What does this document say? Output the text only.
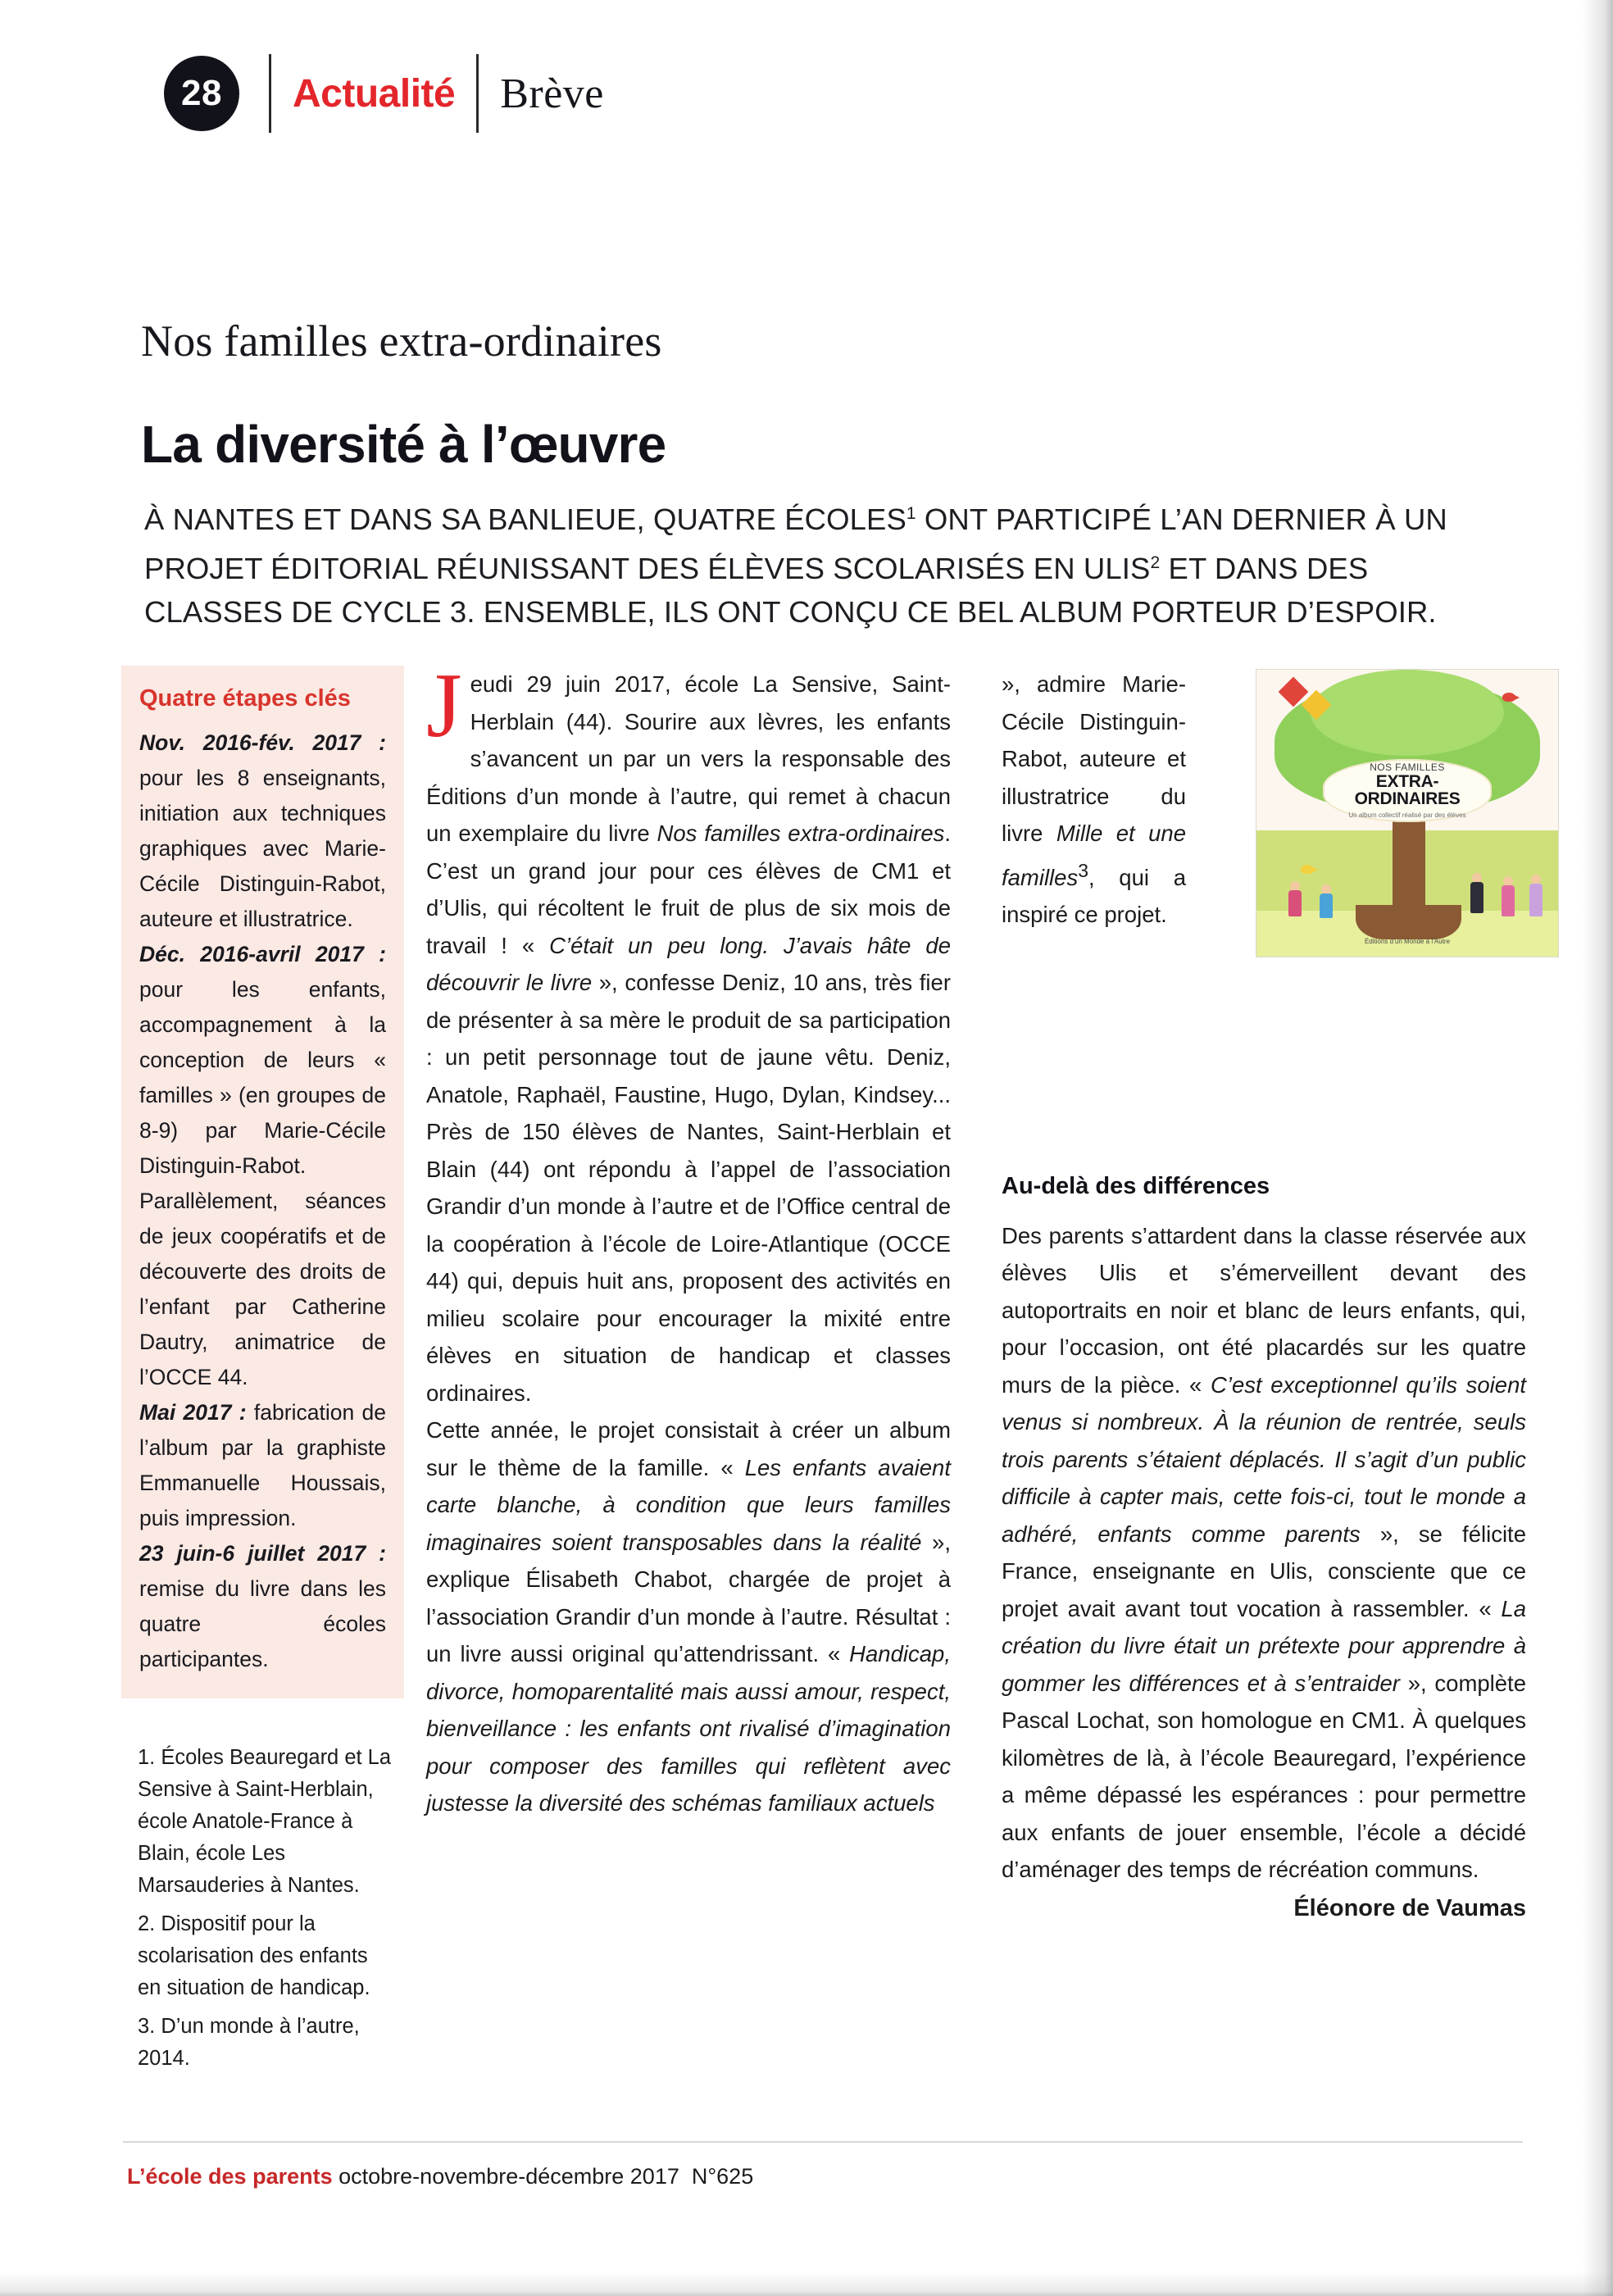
28	Actualité Brève
Nos familles extra-ordinaires
La diversité à l’œuvre
À NANTES ET DANS SA BANLIEUE, QUATRE ÉCOLES$^1$ ONT PARTICIPÉ L’AN DERNIER À UN PROJET ÉDITORIAL RÉUNISSANT DES ÉLÈVES SCOLARISÉS EN ULIS$^2$ ET DANS DES CLASSES DE CYCLE 3. ENSEMBLE, ILS ONT CONÇU CE BEL ALBUM PORTEUR D’ESPOIR.
Quatre étapes clés

Nov. 2016-fév. 2017 : pour les 8 enseignants, initiation aux techniques graphiques avec Marie-Cécile Distinguin-Rabot, auteure et illustratrice.

Déc. 2016-avril 2017 : pour les enfants, accompagnement à la conception de leurs « familles » (en groupes de 8-9) par Marie-Cécile Distinguin-Rabot. Parallèlement, séances de jeux coopératifs et de découverte des droits de l’enfant par Catherine Dautry, animatrice de l’OCCE 44.

Mai 2017 : fabrication de l’album par la graphiste Emmanuelle Houssais, puis impression.

23 juin-6 juillet 2017 : remise du livre dans les quatre écoles participantes.

1. Écoles Beauregard et La Sensive à Saint-Herblain, école Anatole-France à Blain, école Les Marsauderies à Nantes.

2. Dispositif pour la scolarisation des enfants en situation de handicap.

3. D’un monde à l’autre, 2014.

Jeudi 29 juin 2017, école La Sensive, Saint-Herblain (44). Sourire aux lèvres, les enfants s’avancent un par un vers la responsable des Éditions d’un monde à l’autre, qui remet à chacun un exemplaire du livre Nos familles extra-ordinaires. C’est un grand jour pour ces élèves de CM1 et d’Ulis, qui récoltent le fruit de plus de six mois de travail ! « C’était un peu long. J’avais hâte de découvrir le livre », confesse Deniz, 10 ans, très fier de présenter à sa mère le produit de sa participation : un petit personnage tout de jaune vêtu. Deniz, Anatole, Raphaël, Faustine, Hugo, Dylan, Kindsey... Près de 150 élèves de Nantes, Saint-Herblain et Blain (44) ont répondu à l’appel de l’association Grandir d’un monde à l’autre et de l’Office central de la coopération à l’école de Loire-Atlantique (OCCE 44) qui, depuis huit ans, proposent des activités en milieu scolaire pour encourager la mixité entre élèves en situation de handicap et classes ordinaires.

Cette année, le projet consistait à créer un album sur le thème de la famille. « Les enfants avaient carte blanche, à condition que leurs familles imaginaires soient transposables dans la réalité », explique Élisabeth Chabot, chargée de projet à l’association Grandir d’un monde à l’autre. Résultat : un livre aussi original qu’attendrissant. « Handicap, divorce, homoparentalité mais aussi amour, respect, bienveillance : les enfants ont rivalisé d’imagination pour composer des familles qui reflètent avec justesse la diversité des schémas familiaux actuels

», admire Marie-Cécile Distinguin-Rabot, auteure et illustratrice du livre Mille et une familles$^3$, qui a inspiré ce projet.

NOS FAMILLES
EXTRA-
ORDINAIRES
Un album collectif réalisé par des élèves
Éditions d’un Monde à l’Autre
Au-delà des différences

Des parents s’attardent dans la classe réservée aux élèves Ulis et s’émerveillent devant des autoportraits en noir et blanc de leurs enfants, qui, pour l’occasion, ont été placardés sur les quatre murs de la pièce. « C’est exceptionnel qu’ils soient venus si nombreux. À la réunion de rentrée, seuls trois parents s’étaient déplacés. Il s’agit d’un public difficile à capter mais, cette fois-ci, tout le monde a adhéré, enfants comme parents », se félicite France, enseignante en Ulis, consciente que ce projet avait avant tout vocation à rassembler. « La création du livre était un prétexte pour apprendre à gommer les différences et à s’entraider », complète Pascal Lochat, son homologue en CM1. À quelques kilomètres de là, à l’école Beauregard, l’expérience a même dépassé les espérances : pour permettre aux enfants de jouer ensemble, l’école a décidé d’aménager des temps de récréation communs.
Éléonore de Vaumas

L’école des parents octobre-novembre-décembre 2017 N°625
